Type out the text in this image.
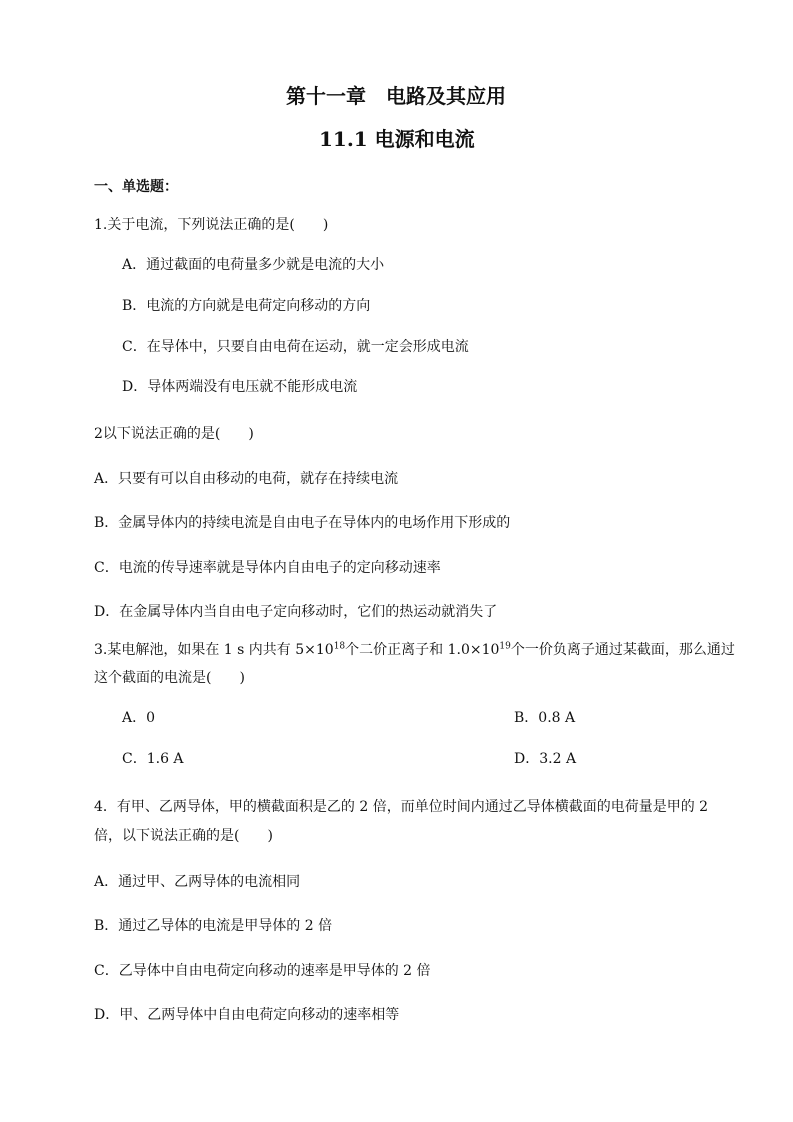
第十一章　电路及其应用
11.1 电源和电流
一、单选题：
1.关于电流，下列说法正确的是(　　)
A．通过截面的电荷量多少就是电流的大小
B．电流的方向就是电荷定向移动的方向
C．在导体中，只要自由电荷在运动，就一定会形成电流
D．导体两端没有电压就不能形成电流
2以下说法正确的是(　　)
A．只要有可以自由移动的电荷，就存在持续电流
B．金属导体内的持续电流是自由电子在导体内的电场作用下形成的
C．电流的传导速率就是导体内自由电子的定向移动速率
D．在金属导体内当自由电子定向移动时，它们的热运动就消失了
3.某电解池，如果在 1 s 内共有 $5\times 10^{18}$个二价正离子和 $1.0\times 10^{19}$个一价负离子通过某截面，那么通过
这个截面的电流是(　　)
A．0	B．0.8 A
C．1.6 A	D．3.2 A
4．有甲、乙两导体，甲的横截面积是乙的 2 倍，而单位时间内通过乙导体横截面的电荷量是甲的 2
倍，以下说法正确的是(　　)
A．通过甲、乙两导体的电流相同
B．通过乙导体的电流是甲导体的 2 倍
C．乙导体中自由电荷定向移动的速率是甲导体的 2 倍
D．甲、乙两导体中自由电荷定向移动的速率相等
